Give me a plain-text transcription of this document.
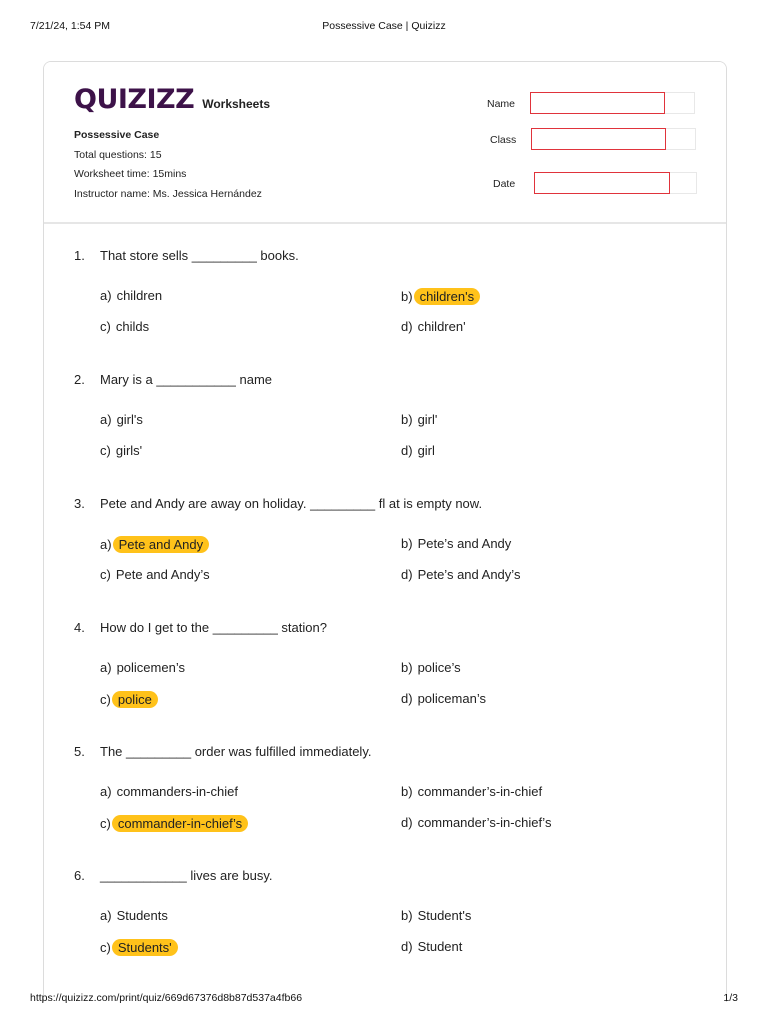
7/21/24, 1:54 PM	Possessive Case | Quizizz
QUIZIZZ Worksheets
Possessive Case
Total questions: 15
Worksheet time: 15mins
Instructor name: Ms. Jessica Hernández
Name
Class
Date
1. That store sells _________ books.
a) children	b) children's
c) childs	d) children'
2. Mary is a ___________ name
a) girl's	b) girl'
c) girls'	d) girl
3. Pete and Andy are away on holiday. _________ fl at is empty now.
a) Pete and Andy	b) Pete’s and Andy
c) Pete and Andy’s	d) Pete’s and Andy’s
4. How do I get to the _________ station?
a) policemen’s	b) police’s
c) police	d) policeman’s
5. The _________ order was fulfilled immediately.
a) commanders-in-chief	b) commander’s-in-chief
c) commander-in-chief’s	d) commander’s-in-chief’s
6. ____________ lives are busy.
a) Students	b) Student's
c) Students'	d) Student
https://quizizz.com/print/quiz/669d67376d8b87d537a4fb66	1/3
